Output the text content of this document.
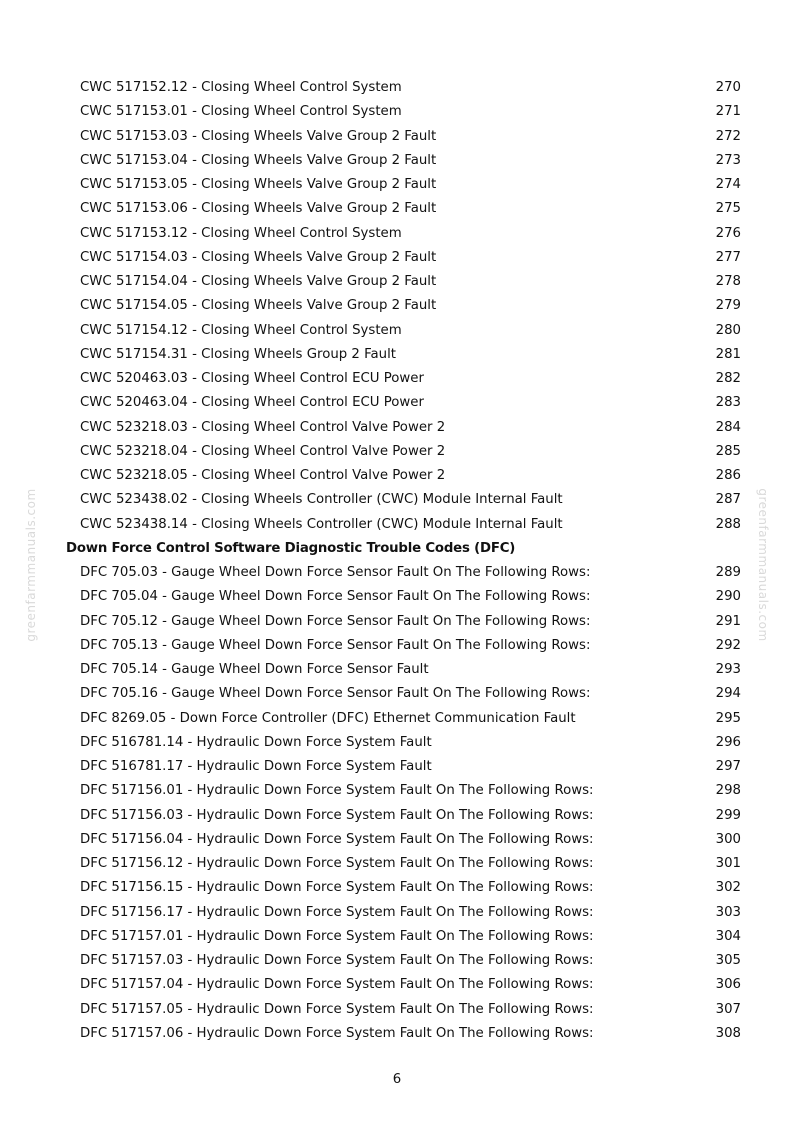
greenfarmmanuals.com	greenfarmmanuals.com
CWC 517152.12 - Closing Wheel Control System	270
CWC 517153.01 - Closing Wheel Control System	271
CWC 517153.03 - Closing Wheels Valve Group 2 Fault	272
CWC 517153.04 - Closing Wheels Valve Group 2 Fault	273
CWC 517153.05 - Closing Wheels Valve Group 2 Fault	274
CWC 517153.06 - Closing Wheels Valve Group 2 Fault	275
CWC 517153.12 - Closing Wheel Control System	276
CWC 517154.03 - Closing Wheels Valve Group 2 Fault	277
CWC 517154.04 - Closing Wheels Valve Group 2 Fault	278
CWC 517154.05 - Closing Wheels Valve Group 2 Fault	279
CWC 517154.12 - Closing Wheel Control System	280
CWC 517154.31 - Closing Wheels Group 2 Fault	281
CWC 520463.03 - Closing Wheel Control ECU Power	282
CWC 520463.04 - Closing Wheel Control ECU Power	283
CWC 523218.03 - Closing Wheel Control Valve Power 2	284
CWC 523218.04 - Closing Wheel Control Valve Power 2	285
CWC 523218.05 - Closing Wheel Control Valve Power 2	286
CWC 523438.02 - Closing Wheels Controller (CWC) Module Internal Fault	287
CWC 523438.14 - Closing Wheels Controller (CWC) Module Internal Fault	288
Down Force Control Software Diagnostic Trouble Codes (DFC)
DFC 705.03 - Gauge Wheel Down Force Sensor Fault On The Following Rows:	289
DFC 705.04 - Gauge Wheel Down Force Sensor Fault On The Following Rows:	290
DFC 705.12 - Gauge Wheel Down Force Sensor Fault On The Following Rows:	291
DFC 705.13 - Gauge Wheel Down Force Sensor Fault On The Following Rows:	292
DFC 705.14 - Gauge Wheel Down Force Sensor Fault	293
DFC 705.16 - Gauge Wheel Down Force Sensor Fault On The Following Rows:	294
DFC 8269.05 - Down Force Controller (DFC) Ethernet Communication Fault	295
DFC 516781.14 - Hydraulic Down Force System Fault	296
DFC 516781.17 - Hydraulic Down Force System Fault	297
DFC 517156.01 - Hydraulic Down Force System Fault On The Following Rows:	298
DFC 517156.03 - Hydraulic Down Force System Fault On The Following Rows:	299
DFC 517156.04 - Hydraulic Down Force System Fault On The Following Rows:	300
DFC 517156.12 - Hydraulic Down Force System Fault On The Following Rows:	301
DFC 517156.15 - Hydraulic Down Force System Fault On The Following Rows:	302
DFC 517156.17 - Hydraulic Down Force System Fault On The Following Rows:	303
DFC 517157.01 - Hydraulic Down Force System Fault On The Following Rows:	304
DFC 517157.03 - Hydraulic Down Force System Fault On The Following Rows:	305
DFC 517157.04 - Hydraulic Down Force System Fault On The Following Rows:	306
DFC 517157.05 - Hydraulic Down Force System Fault On The Following Rows:	307
DFC 517157.06 - Hydraulic Down Force System Fault On The Following Rows:	308
6
